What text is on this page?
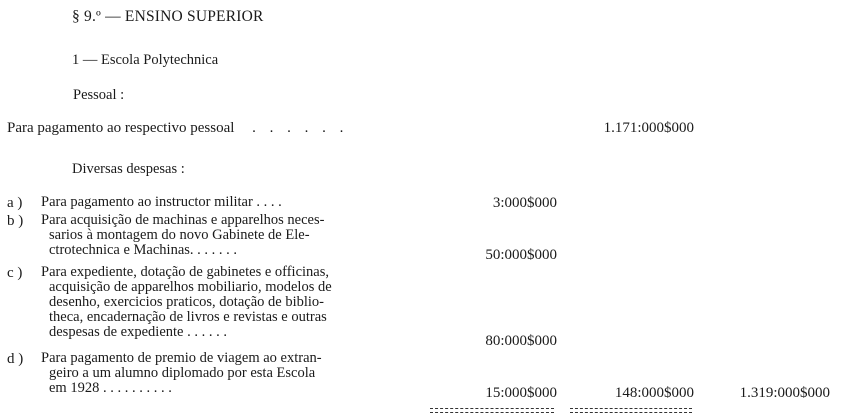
§ 9.º — ENSINO SUPERIOR
1 — Escola Polytechnica
Pessoal :
Para pagamento ao respectivo pessoal . . . . . .	1.171:000$000
Diversas despesas :
a ) Para pagamento ao instructor militar . . . .	3:000$000
b ) Para acquisição de machinas e apparelhos neces-
sarios à montagem do novo Gabinete de Ele-
ctrotechnica e Machinas. . . . . . .	50:000$000
c ) Para expediente, dotação de gabinetes e officinas,
acquisição de apparelhos mobiliario, modelos de
desenho, exercicios praticos, dotação de biblio-
theca, encadernação de livros e revistas e outras
despesas de expediente . . . . . .
80:000$000
d ) Para pagamento de premio de viagem ao extran-
geiro a um alumno diplomado por esta Escola
em 1928 . . . . . . . . . .	15:000$000	148:000$000	1.319:000$000
